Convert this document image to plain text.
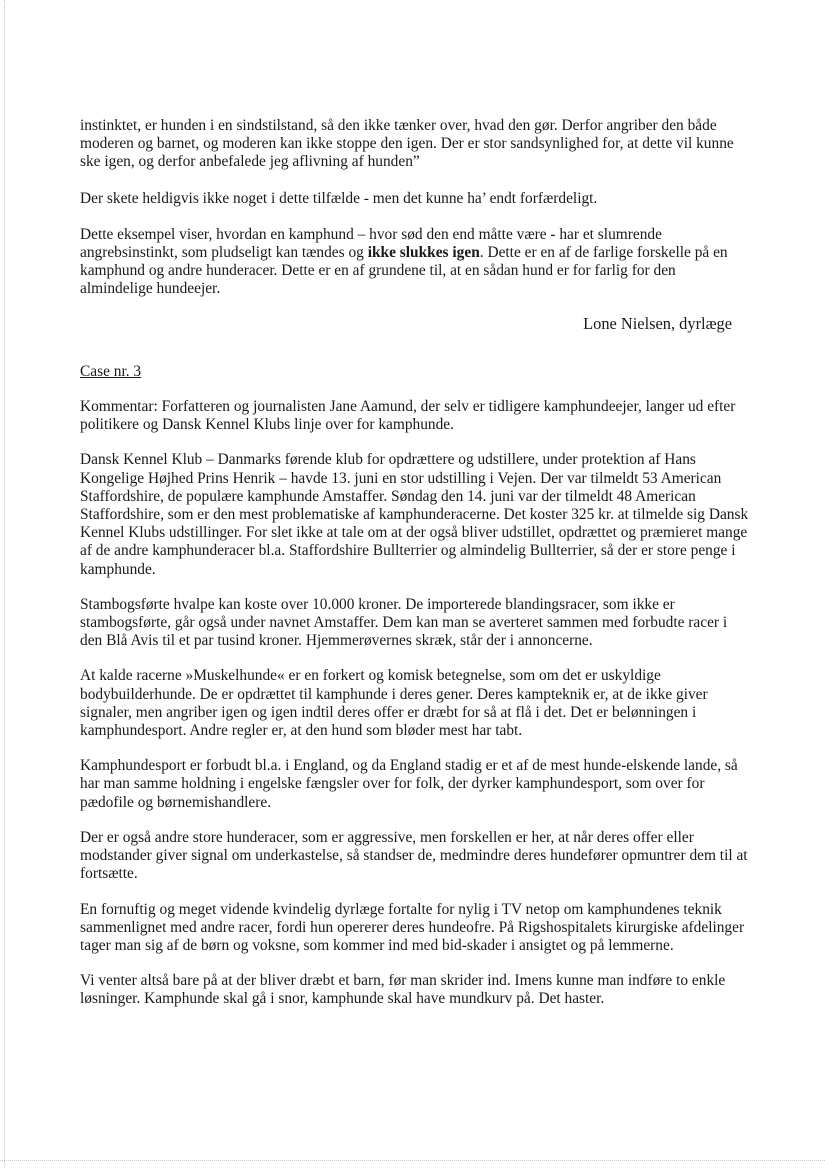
instinktet, er hunden i en sindstilstand, så den ikke tænker over, hvad den gør. Derfor angriber den både moderen og barnet, og moderen kan ikke stoppe den igen. Der er stor sandsynlighed for, at dette vil kunne ske igen, og derfor anbefalede jeg aflivning af hunden”

Der skete heldigvis ikke noget i dette tilfælde - men det kunne ha’ endt forfærdeligt.

Dette eksempel viser, hvordan en kamphund – hvor sød den end måtte være - har et slumrende angrebsinstinkt, som pludseligt kan tændes og ikke slukkes igen. Dette er en af de farlige forskelle på en kamphund og andre hunderacer. Dette er en af grundene til, at en sådan hund er for farlig for den almindelige hundeejer.

Lone Nielsen, dyrlæge

Case nr. 3

Kommentar: Forfatteren og journalisten Jane Aamund, der selv er tidligere kamphundeejer, langer ud efter politikere og Dansk Kennel Klubs linje over for kamphunde.

Dansk Kennel Klub – Danmarks førende klub for opdrættere og udstillere, under protektion af Hans Kongelige Højhed Prins Henrik – havde 13. juni en stor udstilling i Vejen. Der var tilmeldt 53 American Staffordshire, de populære kamphunde Amstaffer. Søndag den 14. juni var der tilmeldt 48 American Staffordshire, som er den mest problematiske af kamphunderacerne. Det koster 325 kr. at tilmelde sig Dansk Kennel Klubs udstillinger. For slet ikke at tale om at der også bliver udstillet, opdrættet og præmieret mange af de andre kamphunderacer bl.a. Staffordshire Bullterrier og almindelig Bullterrier, så der er store penge i kamphunde.

Stambogsførte hvalpe kan koste over 10.000 kroner. De importerede blandingsracer, som ikke er stambogsførte, går også under navnet Amstaffer. Dem kan man se averteret sammen med forbudte racer i den Blå Avis til et par tusind kroner. Hjemmerøvernes skræk, står der i annoncerne.

At kalde racerne »Muskelhunde« er en forkert og komisk betegnelse, som om det er uskyldige bodybuilderhunde. De er opdrættet til kamphunde i deres gener. Deres kampteknik er, at de ikke giver signaler, men angriber igen og igen indtil deres offer er dræbt for så at flå i det. Det er belønningen i kamphundesport. Andre regler er, at den hund som bløder mest har tabt.

Kamphundesport er forbudt bl.a. i England, og da England stadig er et af de mest hunde-elskende lande, så har man samme holdning i engelske fængsler over for folk, der dyrker kamphundesport, som over for pædofile og børnemishandlere.

Der er også andre store hunderacer, som er aggressive, men forskellen er her, at når deres offer eller modstander giver signal om underkastelse, så standser de, medmindre deres hundefører opmuntrer dem til at fortsætte.

En fornuftig og meget vidende kvindelig dyrlæge fortalte for nylig i TV netop om kamphundenes teknik sammenlignet med andre racer, fordi hun opererer deres hundeofre. På Rigshospitalets kirurgiske afdelinger tager man sig af de børn og voksne, som kommer ind med bid-skader i ansigtet og på lemmerne.

Vi venter altså bare på at der bliver dræbt et barn, før man skrider ind. Imens kunne man indføre to enkle løsninger. Kamphunde skal gå i snor, kamphunde skal have mundkurv på. Det haster.
